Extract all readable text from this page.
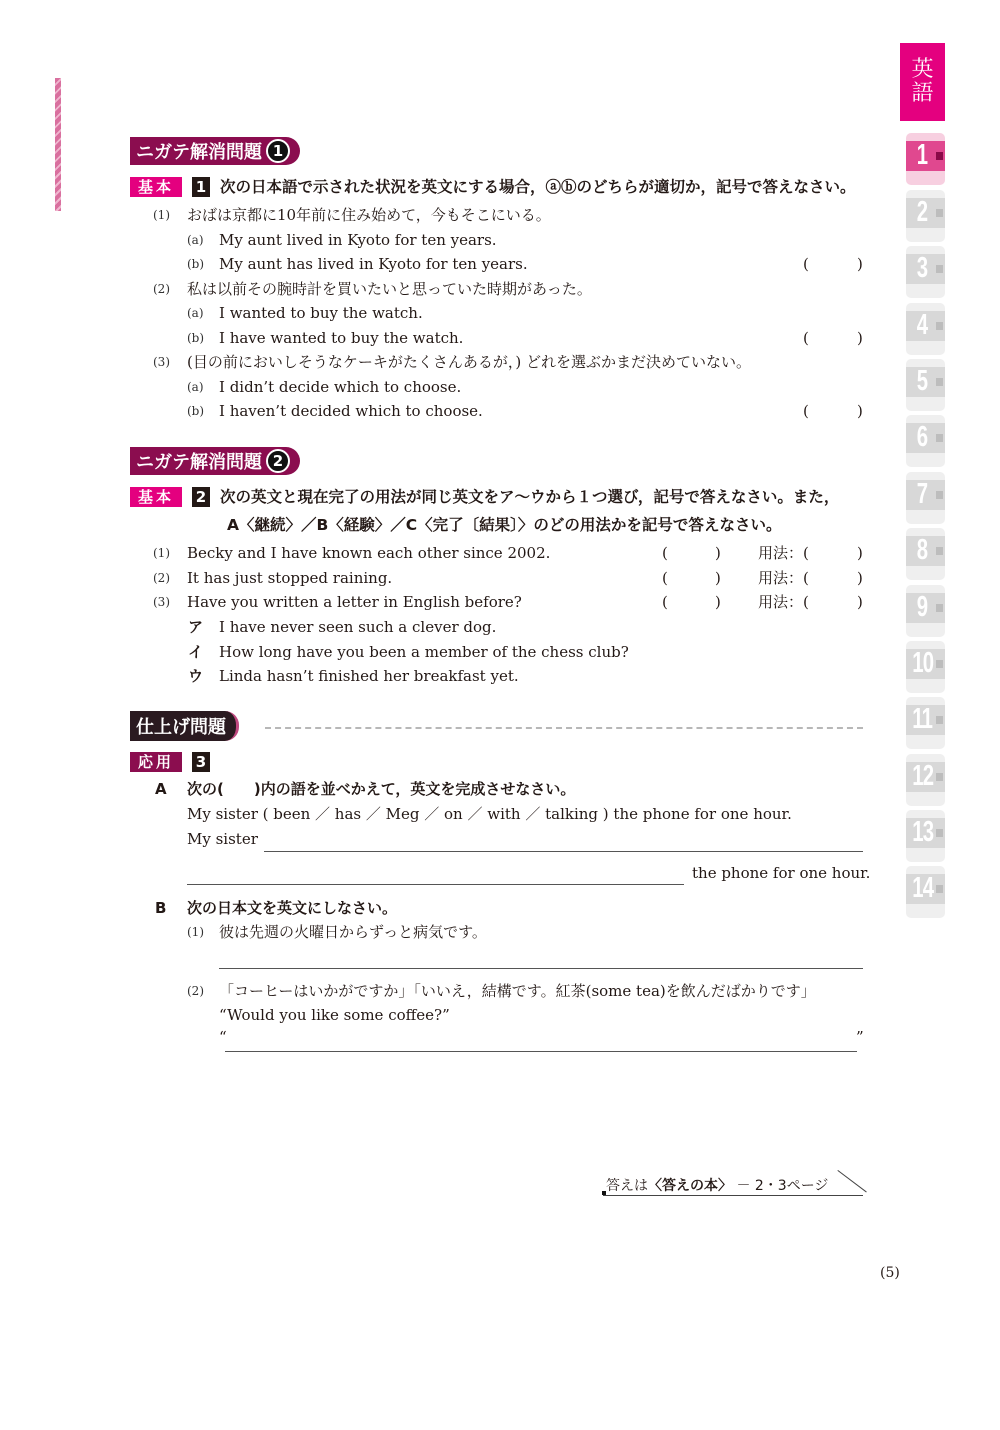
英
語
1
2
3
4
5
6
7
8
9
10
11
12
13
14
ニガテ解消問題 1
基本	1 次の日本語で示された状況を英文にする場合，ⓐⓑのどちらが適切か，記号で答えなさい。
(1) おばは京都に10年前に住み始めて，今もそこにいる。
(a) My aunt lived in Kyoto for ten years.
(b) My aunt has lived in Kyoto for ten years.	(	)
(2) 私は以前その腕時計を買いたいと思っていた時期があった。
(a) I wanted to buy the watch.
(b) I have wanted to buy the watch.	(	)
(3) (目の前においしそうなケーキがたくさんあるが，) どれを選ぶかまだ決めていない。
(a) I didn’t decide which to choose.
(b) I haven’t decided which to choose.	(	)
ニガテ解消問題 2
基本	2 次の英文と現在完了の用法が同じ英文をア～ウから１つ選び，記号で答えなさい。また，
A〈継続〉／B〈経験〉／C〈完了〔結果〕〉のどの用法かを記号で答えなさい。
(1) Becky and I have known each other since 2002.	(	) 用法：(	)
(2) It has just stopped raining.	(	) 用法：(	)
(3) Have you written a letter in English before?	(	) 用法：(	)
ア I have never seen such a clever dog.
イ How long have you been a member of the chess club?
ウ Linda hasn’t finished her breakfast yet.
仕上げ問題
応用	3
A 次の(　　)内の語を並べかえて，英文を完成させなさい。
My sister ( been ／ has ／ Meg ／ on ／ with ／ talking ) the phone for one hour.
My sister
the phone for one hour.
B 次の日本文を英文にしなさい。
(1) 彼は先週の火曜日からずっと病気です。
(2) 「コーヒーはいかがですか」「いいえ，結構です。紅茶(some tea)を飲んだばかりです」
“Would you like some coffee?”
“	”
答えは〈答えの本〉 － 2・3ページ
(5)
